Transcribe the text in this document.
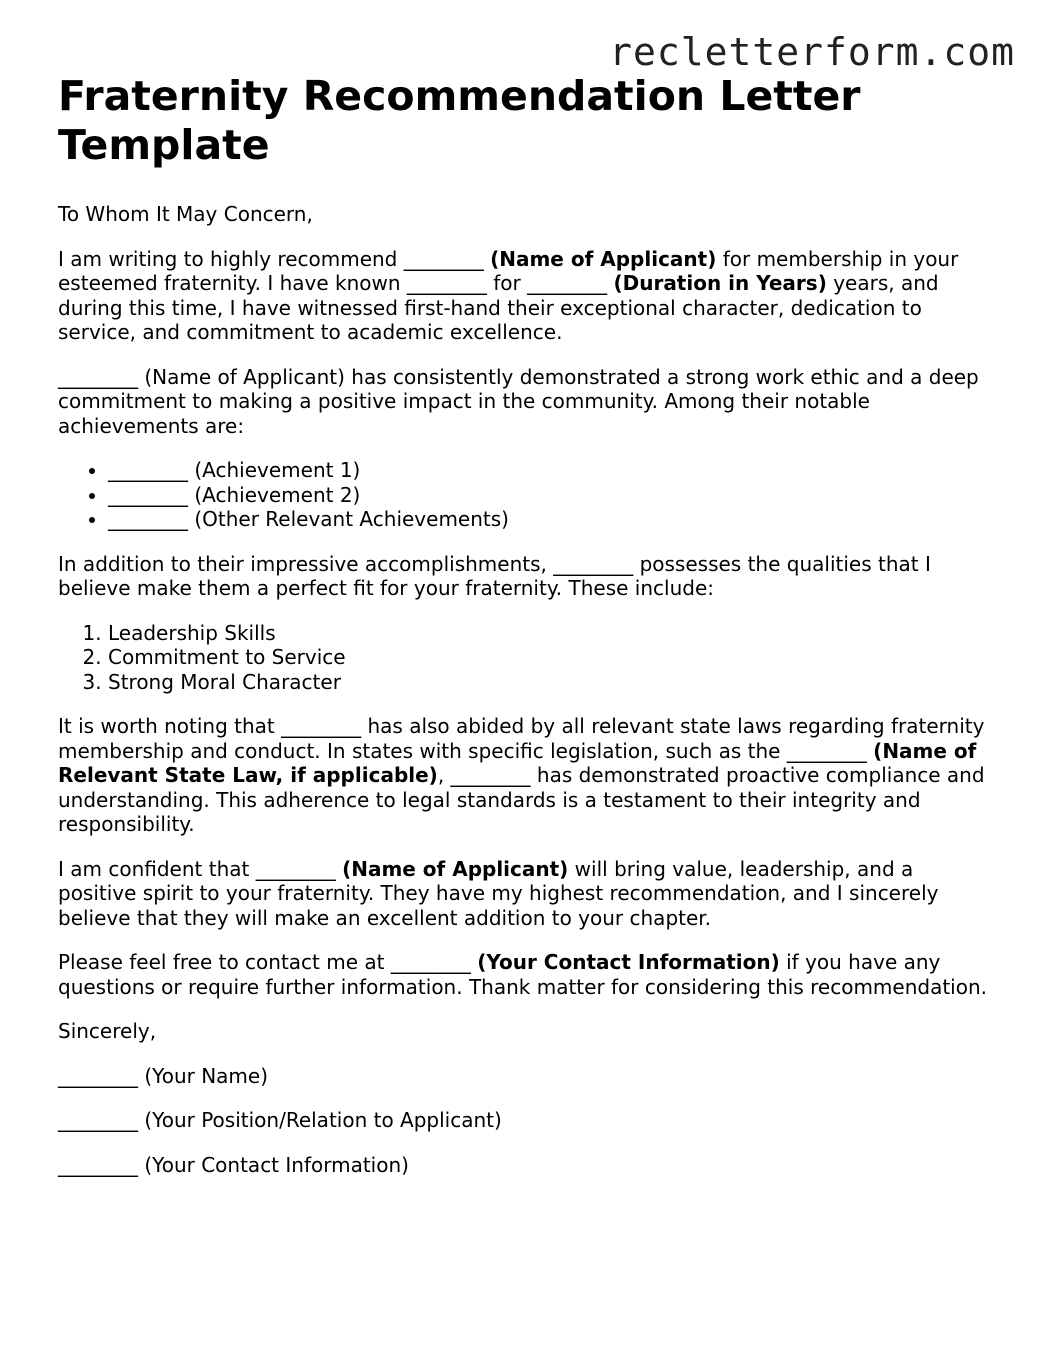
recletterform.com
Fraternity Recommendation Letter Template

To Whom It May Concern,

I am writing to highly recommend ________ (Name of Applicant) for membership in your esteemed fraternity. I have known ________ for ________ (Duration in Years) years, and during this time, I have witnessed first-hand their exceptional character, dedication to service, and commitment to academic excellence.

________ (Name of Applicant) has consistently demonstrated a strong work ethic and a deep commitment to making a positive impact in the community. Among their notable achievements are:

• ________ (Achievement 1)
• ________ (Achievement 2)
• ________ (Other Relevant Achievements)

In addition to their impressive accomplishments, ________ possesses the qualities that I believe make them a perfect fit for your fraternity. These include:

1. Leadership Skills
2. Commitment to Service
3. Strong Moral Character

It is worth noting that ________ has also abided by all relevant state laws regarding fraternity membership and conduct. In states with specific legislation, such as the ________ (Name of Relevant State Law, if applicable), ________ has demonstrated proactive compliance and understanding. This adherence to legal standards is a testament to their integrity and responsibility.

I am confident that ________ (Name of Applicant) will bring value, leadership, and a positive spirit to your fraternity. They have my highest recommendation, and I sincerely believe that they will make an excellent addition to your chapter.

Please feel free to contact me at ________ (Your Contact Information) if you have any questions or require further information. Thank matter for considering this recommendation.

Sincerely,

________ (Your Name)

________ (Your Position/Relation to Applicant)

________ (Your Contact Information)
